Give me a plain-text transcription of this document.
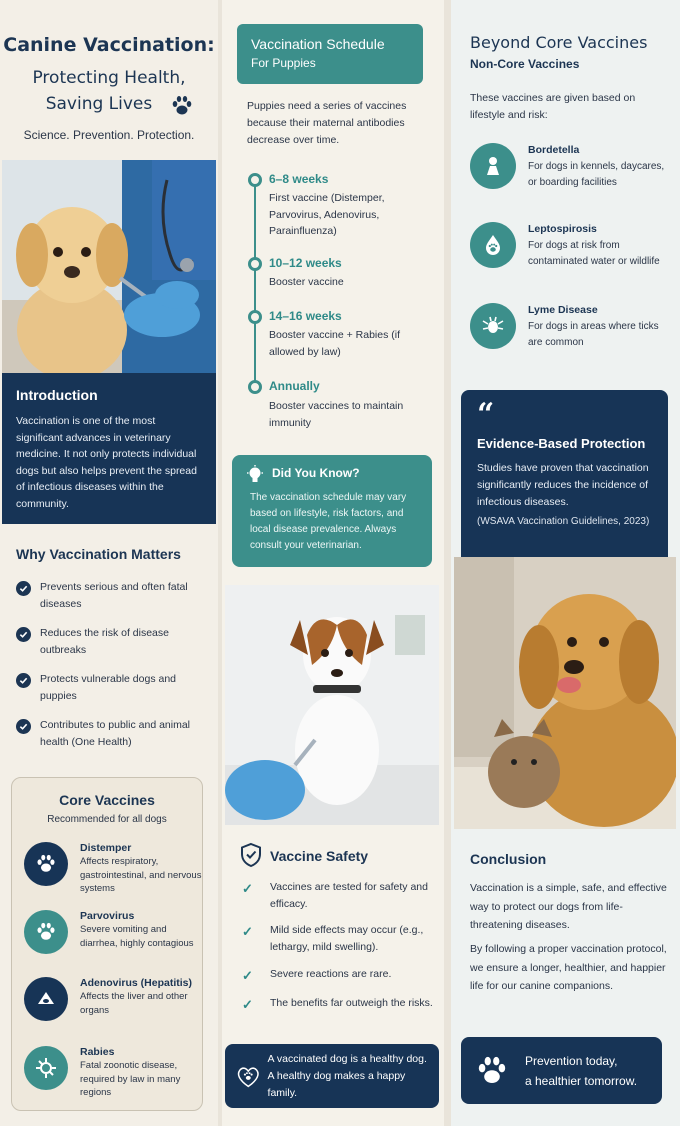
Canine Vaccination:
Protecting Health,
Saving Lives
Science. Prevention. Protection.
Introduction

Vaccination is one of the most significant advances in veterinary medicine. It not only protects individual dogs but also helps prevent the spread of infectious diseases within the community.

Why Vaccination Matters
Prevents serious and often fatal diseases
Reduces the risk of disease outbreaks
Protects vulnerable dogs and puppies
Contributes to public and animal health (One Health)
Core Vaccines
Recommended for all dogs
Distemper
Affects respiratory, gastrointestinal, and nervous systems
Parvovirus
Severe vomiting and diarrhea, highly contagious
Adenovirus (Hepatitis)
Affects the liver and other organs
Rabies
Fatal zoonotic disease, required by law in many regions
Vaccination Schedule
For Puppies
Puppies need a series of vaccines because their maternal antibodies decrease over time.
6–8 weeks
First vaccine (Distemper, Parvovirus, Adenovirus, Parainfluenza)
10–12 weeks
Booster vaccine
14–16 weeks
Booster vaccine + Rabies (if allowed by law)
Annually
Booster vaccines to maintain immunity
Did You Know?

The vaccination schedule may vary based on lifestyle, risk factors, and local disease prevalence. Always consult your veterinarian.

Vaccine Safety
✓ Vaccines are tested for safety and efficacy.
✓ Mild side effects may occur (e.g., lethargy, mild swelling).
✓ Severe reactions are rare.
✓ The benefits far outweigh the risks.
A vaccinated dog is a healthy dog.
A healthy dog makes a happy family.
Beyond Core Vaccines
Non-Core Vaccines
These vaccines are given based on lifestyle and risk:
Bordetella
For dogs in kennels, daycares, or boarding facilities
Leptospirosis
For dogs at risk from contaminated water or wildlife
Lyme Disease
For dogs in areas where ticks are common
“
Evidence-Based Protection

Studies have proven that vaccination significantly reduces the incidence of infectious diseases.

(WSAVA Vaccination Guidelines, 2023)
Conclusion
Vaccination is a simple, safe, and effective way to protect our dogs from life-threatening diseases.
By following a proper vaccination protocol, we ensure a longer, healthier, and happier life for our canine companions.
Prevention today,
a healthier tomorrow.
